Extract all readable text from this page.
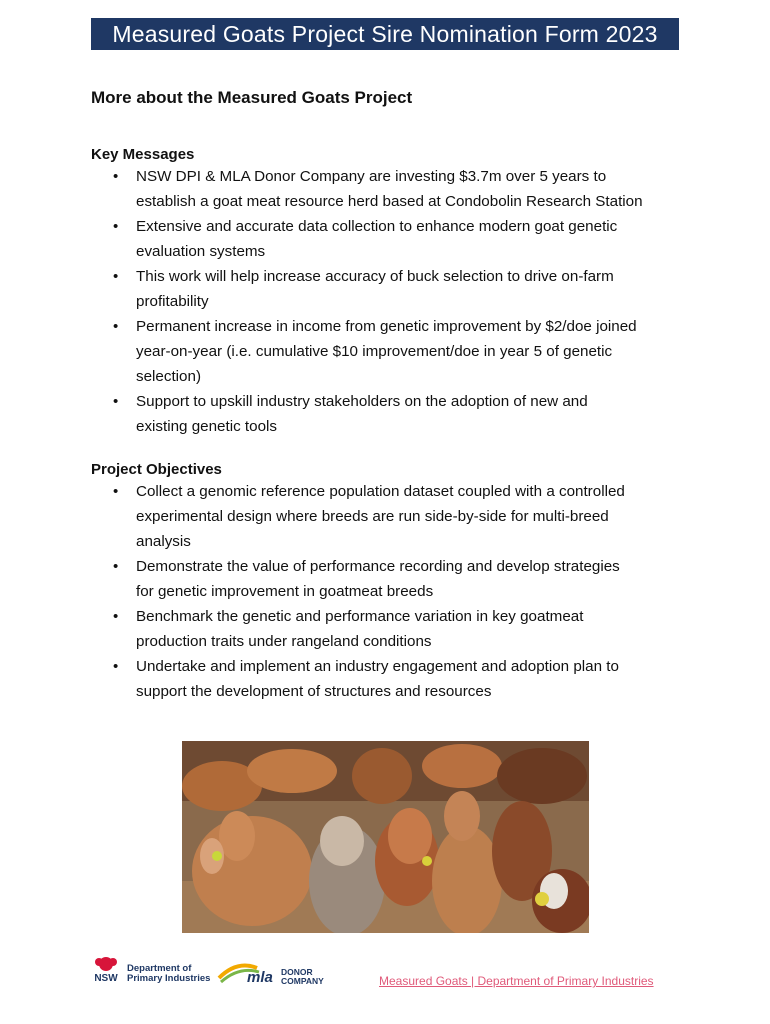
Measured Goats Project Sire Nomination Form 2023
More about the Measured Goats Project
Key Messages
• NSW DPI & MLA Donor Company are investing $3.7m over 5 years to
establish a goat meat resource herd based at Condobolin Research Station
• Extensive and accurate data collection to enhance modern goat genetic
evaluation systems
• This work will help increase accuracy of buck selection to drive on-farm
profitability
• Permanent increase in income from genetic improvement by $2/doe joined
year-on-year (i.e. cumulative $10 improvement/doe in year 5 of genetic
selection)
• Support to upskill industry stakeholders on the adoption of new and
existing genetic tools
Project Objectives
• Collect a genomic reference population dataset coupled with a controlled
experimental design where breeds are run side-by-side for multi-breed
analysis
• Demonstrate the value of performance recording and develop strategies
for genetic improvement in goatmeat breeds
• Benchmark the genetic and performance variation in key goatmeat
production traits under rangeland conditions
• Undertake and implement an industry engagement and adoption plan to
support the development of structures and resources
NSW
Department of
Primary Industries mla DONOR
COMPANY	Measured Goats | Department of Primary Industries
